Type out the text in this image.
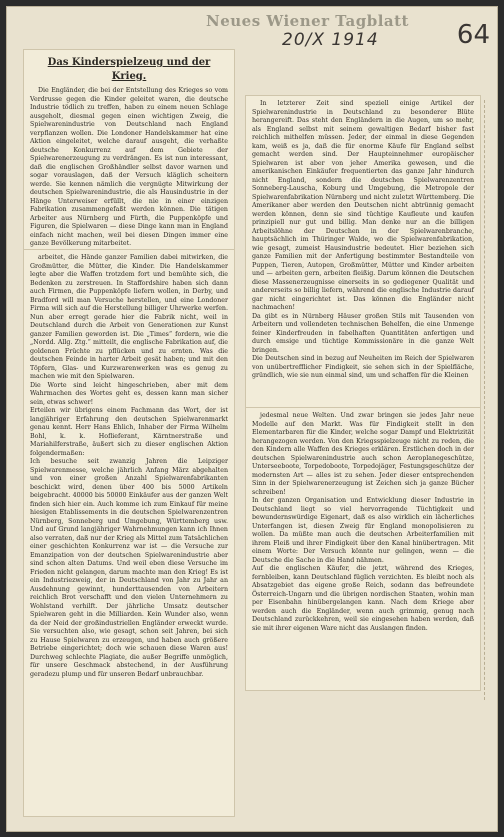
Neues Wiener Tagblatt
20/X 1914	64
Das Kinderspielzeug und der Krieg.
Die Engländer, die bei der Entstellung des Krieges so vom Verdrusse gegen die Kinder geleitet waren, die deutsche Industrie tödlich zu treffen, haben zu einem neuen Schlage ausgeholt, diesmal gegen einen wichtigen Zweig, die Spielwarenindustrie von Deutschland nach England verpflanzen wollen. Die Londoner Handelskammer hat eine Aktion eingeleitet, welche darauf ausgeht, die verhaßte deutsche Konkurrenz auf dem Gebiete der Spielwarenerzeugung zu verdrängen. Es ist nun interessant, daß die englischen Großhändler selbst davor warnen und sogar vorauslagen, daß der Versuch kläglich scheitern werde. Sie kennen nämlich die vergnügte Mitwirkung der deutschen Spielwarenindustrie, die als Hausindustrie in der Hänge Unterweiser erfüllt, die nie in einer einzigen Fabrikation zusammengefaßt werden können. Die tätigen Arbeiter aus Nürnberg und Fürth, die Puppenköpfe und Figuren, die Spielwaren — diese Dinge kann man in England einfach nicht machen, weil bei diesen Dingen immer eine ganze Bevölkerung mitarbeitet.
arbeitet, die Hände ganzer Familien dabei mitwirken, die Großmütter, die Mütter, die Kinder. Die Handelskammer legte aber die Waffen trotzdem fort und bemühte sich, die Bedenken zu zerstreuen. In Staffordshire haben sich dann auch Firmen, die Puppenköpfe liefern wollen, in Derby, und Bradford will man Versuche herstellen, und eine Londoner Firma will sich auf die Herstellung billiger Uhrwerke werfen. Nun aber erregt gerade hier die Fabrik nicht, weil in Deutschland durch die Arbeit von Generationen zur Kunst ganzer Familien geworden ist. Die „Times“ fordern, wie die „Nordd. Allg. Ztg.“ mitteilt, die englische Fabrikation auf, die goldenen Früchte zu pflücken und zu ernten. Was die deutschen Feinde in harter Arbeit gesät haben; und mit den Töpfern, Glas- und Kurzwarenwerken was es genug zu machen wie mit den Spielwaren.
Die Worte sind leicht hingeschrieben, aber mit dem Wahrmachen des Wortes geht es, dessen kann man sicher sein, etwas schwer!
Erteilen wir übrigens einem Fachmann das Wort, der ist langjähriger Erfahrung den deutschen Spielwarenmarkt genau kennt. Herr Hans Ehlich, Inhaber der Firma Wilhelm Bohl, k. k. Hoflieferant, Kärntnerstraße und Mariahilferstraße, äußert sich zu dieser englischen Aktion folgendermaßen:
Ich besuche seit zwanzig Jahren die Leipziger Spielwarenmesse, welche jährlich Anfang März abgehalten und von einer großen Anzahl Spielwarenfabrikanten beschickt wird, denen über 400 bis 5000 Artikeln beigebracht. 40000 bis 50000 Einkäufer aus der ganzen Welt finden sich hier ein. Auch komme ich zum Einkauf für meine hiesigen Etablissements in die deutschen Spielwarenzentren Nürnberg, Sonneberg und Umgebung, Württemberg usw. Und auf Grund langjähriger Wahrnehmungen kann ich Ihnen also verraten, daß nur der Krieg als Mittel zum Tatsächlichen einer geschichten Konkurrenz war ist — die Versuche zur Emanzipation von der deutschen Spielwarenindustrie aber sind schon alten Datums. Und weil eben diese Versuche im Frieden nicht gelangen, darum machte man den Krieg! Es ist ein Industriezweig, der in Deutschland von Jahr zu Jahr an Ausdehnung gewinnt, hunderttausenden von Arbeitern reichlich Brot verschafft und den vielen Unternehmern zu Wohlstand verhilft. Der jährliche Umsatz deutscher Spielwaren geht in die Milliarden. Kein Wunder also, wenn da der Neid der großindustriellen Engländer erweckt wurde. Sie versuchten also, wie gesagt, schon seit Jahren, bei sich zu Hause Spielwaren zu erzeugen, und haben auch größere Betriebe eingerichtet; doch wie schauen diese Waren aus! Durchweg schlechte Plagiate, die außer Begriffe unmöglich, für unsere Geschmack abstechend, in der Ausführung geradezu plump und für unseren Bedarf unbrauchbar.
In letzterer Zeit sind speziell einige Artikel der Spielwarenindustrie in Deutschland zu besonderer Blüte herangereift. Das steht den Engländern in die Augen, um so mehr, als England selbst mit seinem gewaltigen Bedarf bisher fast reichlich mithelfen müssen. Jeder, der einmal in diese Gegenden kam, weiß es ja, daß die für enorme Käufe für England selbst gemacht werden sind. Der Haupteinnehmer europäischer Spielwaren ist aber von jeher Amerika gewesen, und die amerikanischen Einkäufer frequentierten das ganze Jahr hindurch nicht England, sondern die deutschen Spielwarenzentren Sonneberg-Lauscha, Koburg und Umgebung, die Metropole der Spielwarenfabrikation Nürnberg und nicht zuletzt Württemberg. Die Amerikaner aber werden den Deutschen nicht abtrünnig gemacht werden können, denn sie sind tüchtige Kaufleute und kaufen prinzipiell nur gut und billig. Man denke nur an die billigen Arbeitslöhne der Deutschen in der Spielwarenbranche, hauptsächlich im Thüringer Walde, wo die Spielwarenfabrikation, wie gesagt, zumeist Hausindustrie bedeutet. Hier beziehen sich ganze Familien mit der Anfertigung bestimmter Bestandteile von Puppen, Tieren, Autopen, Großmütter, Mütter und Kinder arbeiten und — arbeiten gern, arbeiten fleißig. Darum können die Deutschen diese Massenerzeugnisse einerseits in so gediegener Qualität und andererseits so billig liefern, während die englische Industrie darauf gar nicht eingerichtet ist. Das können die Engländer nicht nachmachen!
Da gibt es in Nürnberg Häuser großen Stils mit Tausenden von Arbeitern und vollendeten technischen Behelfen, die eine Unmenge feiner Kinderfreuden in fabelhaften Quantitäten anfertigen und durch emsige und tüchtige Kommissionäre in die ganze Welt bringen.
Die Deutschen sind in bezug auf Neuheiten im Reich der Spielwaren von unübertrefflicher Findigkeit, sie sehen sich in der Spielfläche, gründlich, wie sie nun einmal sind, um und schaffen für die Kleinen
jedesmal neue Welten. Und zwar bringen sie jedes Jahr neue Modelle auf den Markt. Was für Findigkeit stellt in den Elementarbaren für die Kinder, welche sogar Dampf und Elektrizität herangezogen werden. Von den Kriegsspielzeuge nicht zu reden, die den Kindern alle Waffen des Krieges erklären. Erstlichen doch in der deutschen Spielwarenindustrie auch schon Aeroplanegeschütze, Unterseeboote, Torpedoboote, Torpedojäger, Festungsgeschütze der modernsten Art — alles ist zu sehen. Jeder dieser entsprechenden Sinn in der Spielwarenerzeugung ist Zeichen sich ja ganze Bücher schreiben!
In der ganzen Organisation und Entwicklung dieser Industrie in Deutschland liegt so viel hervorragende Tüchtigkeit und bewundernswürdige Eigenart, daß es also wirklich ein lächerliches Unterfangen ist, diesen Zweig für England monopolisieren zu wollen. Da müßte man auch die deutschen Arbeiterfamilien mit ihrem Fleiß und ihrer Findigkeit über den Kanal hinübertragen. Mit einem Worte: Der Versuch könnte nur gelingen, wenn — die Deutsche die Sache in die Hand nähmen.
Auf die englischen Käufer, die jetzt, während des Krieges, fernbleiben, kann Deutschland füglich verzichten. Es bleibt noch als Absatzgebiet das eigene große Reich, sodann das befreundete Österreich-Ungarn und die übrigen nordischen Staaten, wohin man per Eisenbahn hinübergelangen kann. Nach dem Kriege aber werden auch die Engländer, wenn auch grimmig, genug nach Deutschland zurückkehren, weil sie eingesehen haben werden, daß sie mit ihrer eigenen Ware nicht das Auslangen finden.
